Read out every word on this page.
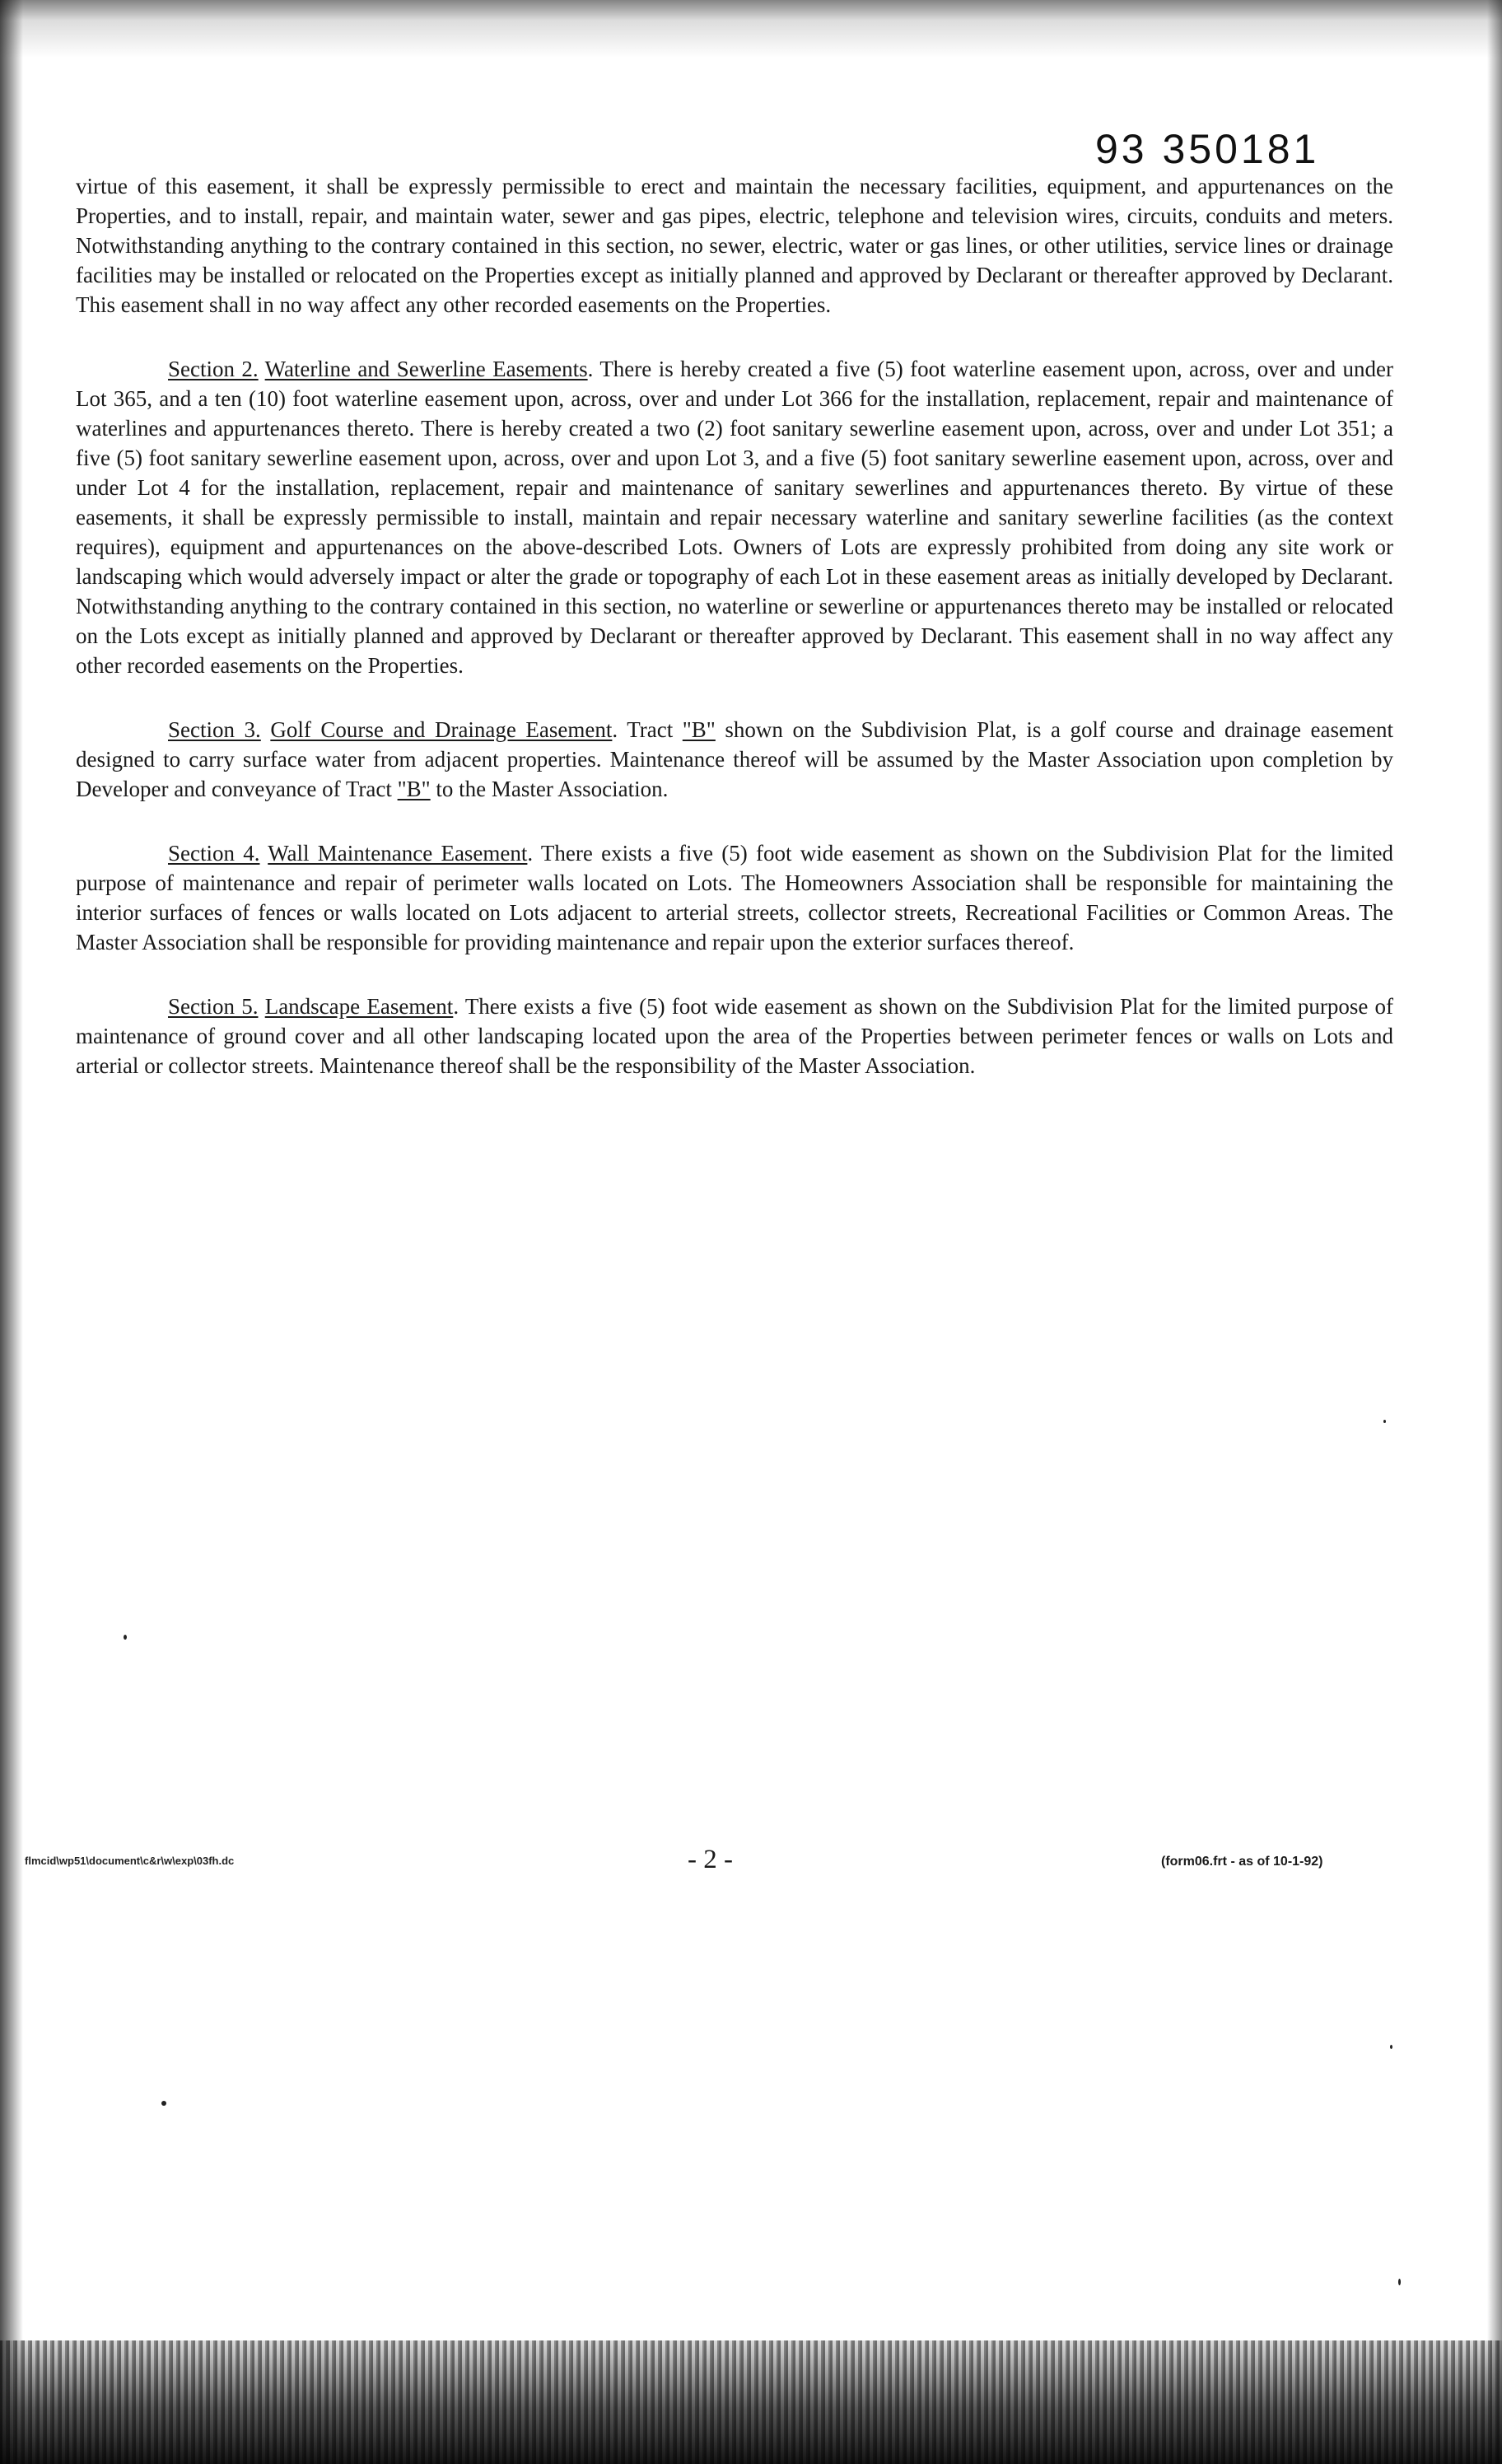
93 350181

virtue of this easement, it shall be expressly permissible to erect and maintain the necessary facilities, equipment, and appurtenances on the Properties, and to install, repair, and maintain water, sewer and gas pipes, electric, telephone and television wires, circuits, conduits and meters. Notwithstanding anything to the contrary contained in this section, no sewer, electric, water or gas lines, or other utilities, service lines or drainage facilities may be installed or relocated on the Properties except as initially planned and approved by Declarant or thereafter approved by Declarant. This easement shall in no way affect any other recorded easements on the Properties.

Section 2. Waterline and Sewerline Easements. There is hereby created a five (5) foot waterline easement upon, across, over and under Lot 365, and a ten (10) foot waterline easement upon, across, over and under Lot 366 for the installation, replacement, repair and maintenance of waterlines and appurtenances thereto. There is hereby created a two (2) foot sanitary sewerline easement upon, across, over and under Lot 351; a five (5) foot sanitary sewerline easement upon, across, over and upon Lot 3, and a five (5) foot sanitary sewerline easement upon, across, over and under Lot 4 for the installation, replacement, repair and maintenance of sanitary sewerlines and appurtenances thereto. By virtue of these easements, it shall be expressly permissible to install, maintain and repair necessary waterline and sanitary sewerline facilities (as the context requires), equipment and appurtenances on the above-described Lots. Owners of Lots are expressly prohibited from doing any site work or landscaping which would adversely impact or alter the grade or topography of each Lot in these easement areas as initially developed by Declarant. Notwithstanding anything to the contrary contained in this section, no waterline or sewerline or appurtenances thereto may be installed or relocated on the Lots except as initially planned and approved by Declarant or thereafter approved by Declarant. This easement shall in no way affect any other recorded easements on the Properties.

Section 3. Golf Course and Drainage Easement. Tract "B" shown on the Subdivision Plat, is a golf course and drainage easement designed to carry surface water from adjacent properties. Maintenance thereof will be assumed by the Master Association upon completion by Developer and conveyance of Tract "B" to the Master Association.

Section 4. Wall Maintenance Easement. There exists a five (5) foot wide easement as shown on the Subdivision Plat for the limited purpose of maintenance and repair of perimeter walls located on Lots. The Homeowners Association shall be responsible for maintaining the interior surfaces of fences or walls located on Lots adjacent to arterial streets, collector streets, Recreational Facilities or Common Areas. The Master Association shall be responsible for providing maintenance and repair upon the exterior surfaces thereof.

Section 5. Landscape Easement. There exists a five (5) foot wide easement as shown on the Subdivision Plat for the limited purpose of maintenance of ground cover and all other landscaping located upon the area of the Properties between perimeter fences or walls on Lots and arterial or collector streets. Maintenance thereof shall be the responsibility of the Master Association.

flmcid\wp51\document\c&r\w\exp\03fh.dc	- 2 -	(form06.frt - as of 10-1-92)
